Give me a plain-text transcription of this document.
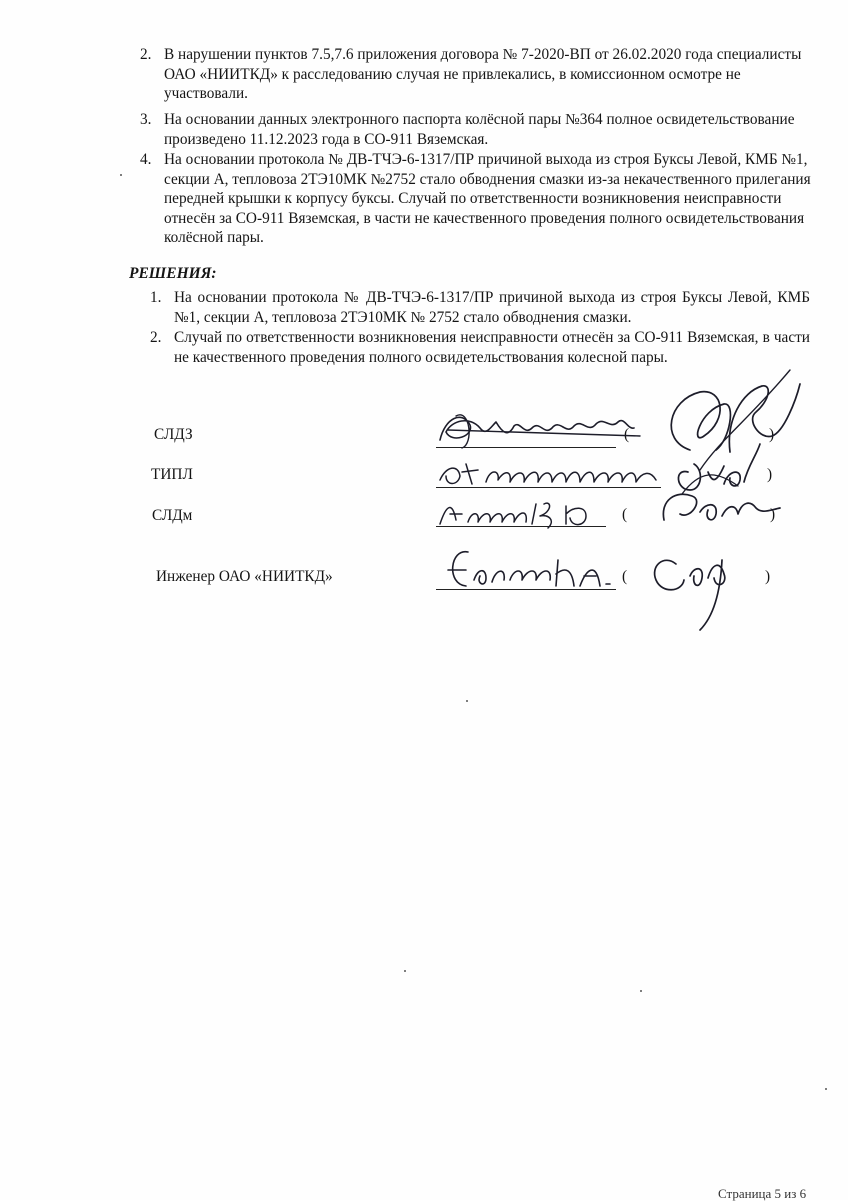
2. В нарушении пунктов 7.5,7.6 приложения договора № 7-2020-ВП от 26.02.2020 года специалисты ОАО «НИИТКД» к расследованию случая не привлекались, в комиссионном осмотре не участвовали.
3. На основании данных электронного паспорта колёсной пары №364 полное освидетельствование произведено 11.12.2023 года в СО-911 Вяземская.
4. На основании протокола № ДВ-ТЧЭ-6-1317/ПР причиной выхода из строя Буксы Левой, КМБ №1, секции А, тепловоза 2ТЭ10МК №2752 стало обводнения смазки из-за некачественного прилегания передней крышки к корпусу буксы. Случай по ответственности возникновения неисправности отнесён за СО-911 Вяземская, в части не качественного проведения полного освидетельствования колёсной пары.
РЕШЕНИЯ:
1. На основании протокола № ДВ-ТЧЭ-6-1317/ПР причиной выхода из строя Буксы Левой, КМБ №1, секции А, тепловоза 2ТЭ10МК № 2752 стало обводнения смазки.
2. Случай по ответственности возникновения неисправности отнесён за СО-911 Вяземская, в части не качественного проведения полного освидетельствования колесной пары.
СЛДЗ	(	)
ТИПЛ	)
СЛДм	(	)
Инженер ОАО «НИИТКД»	(	)
Страница 5 из 6
